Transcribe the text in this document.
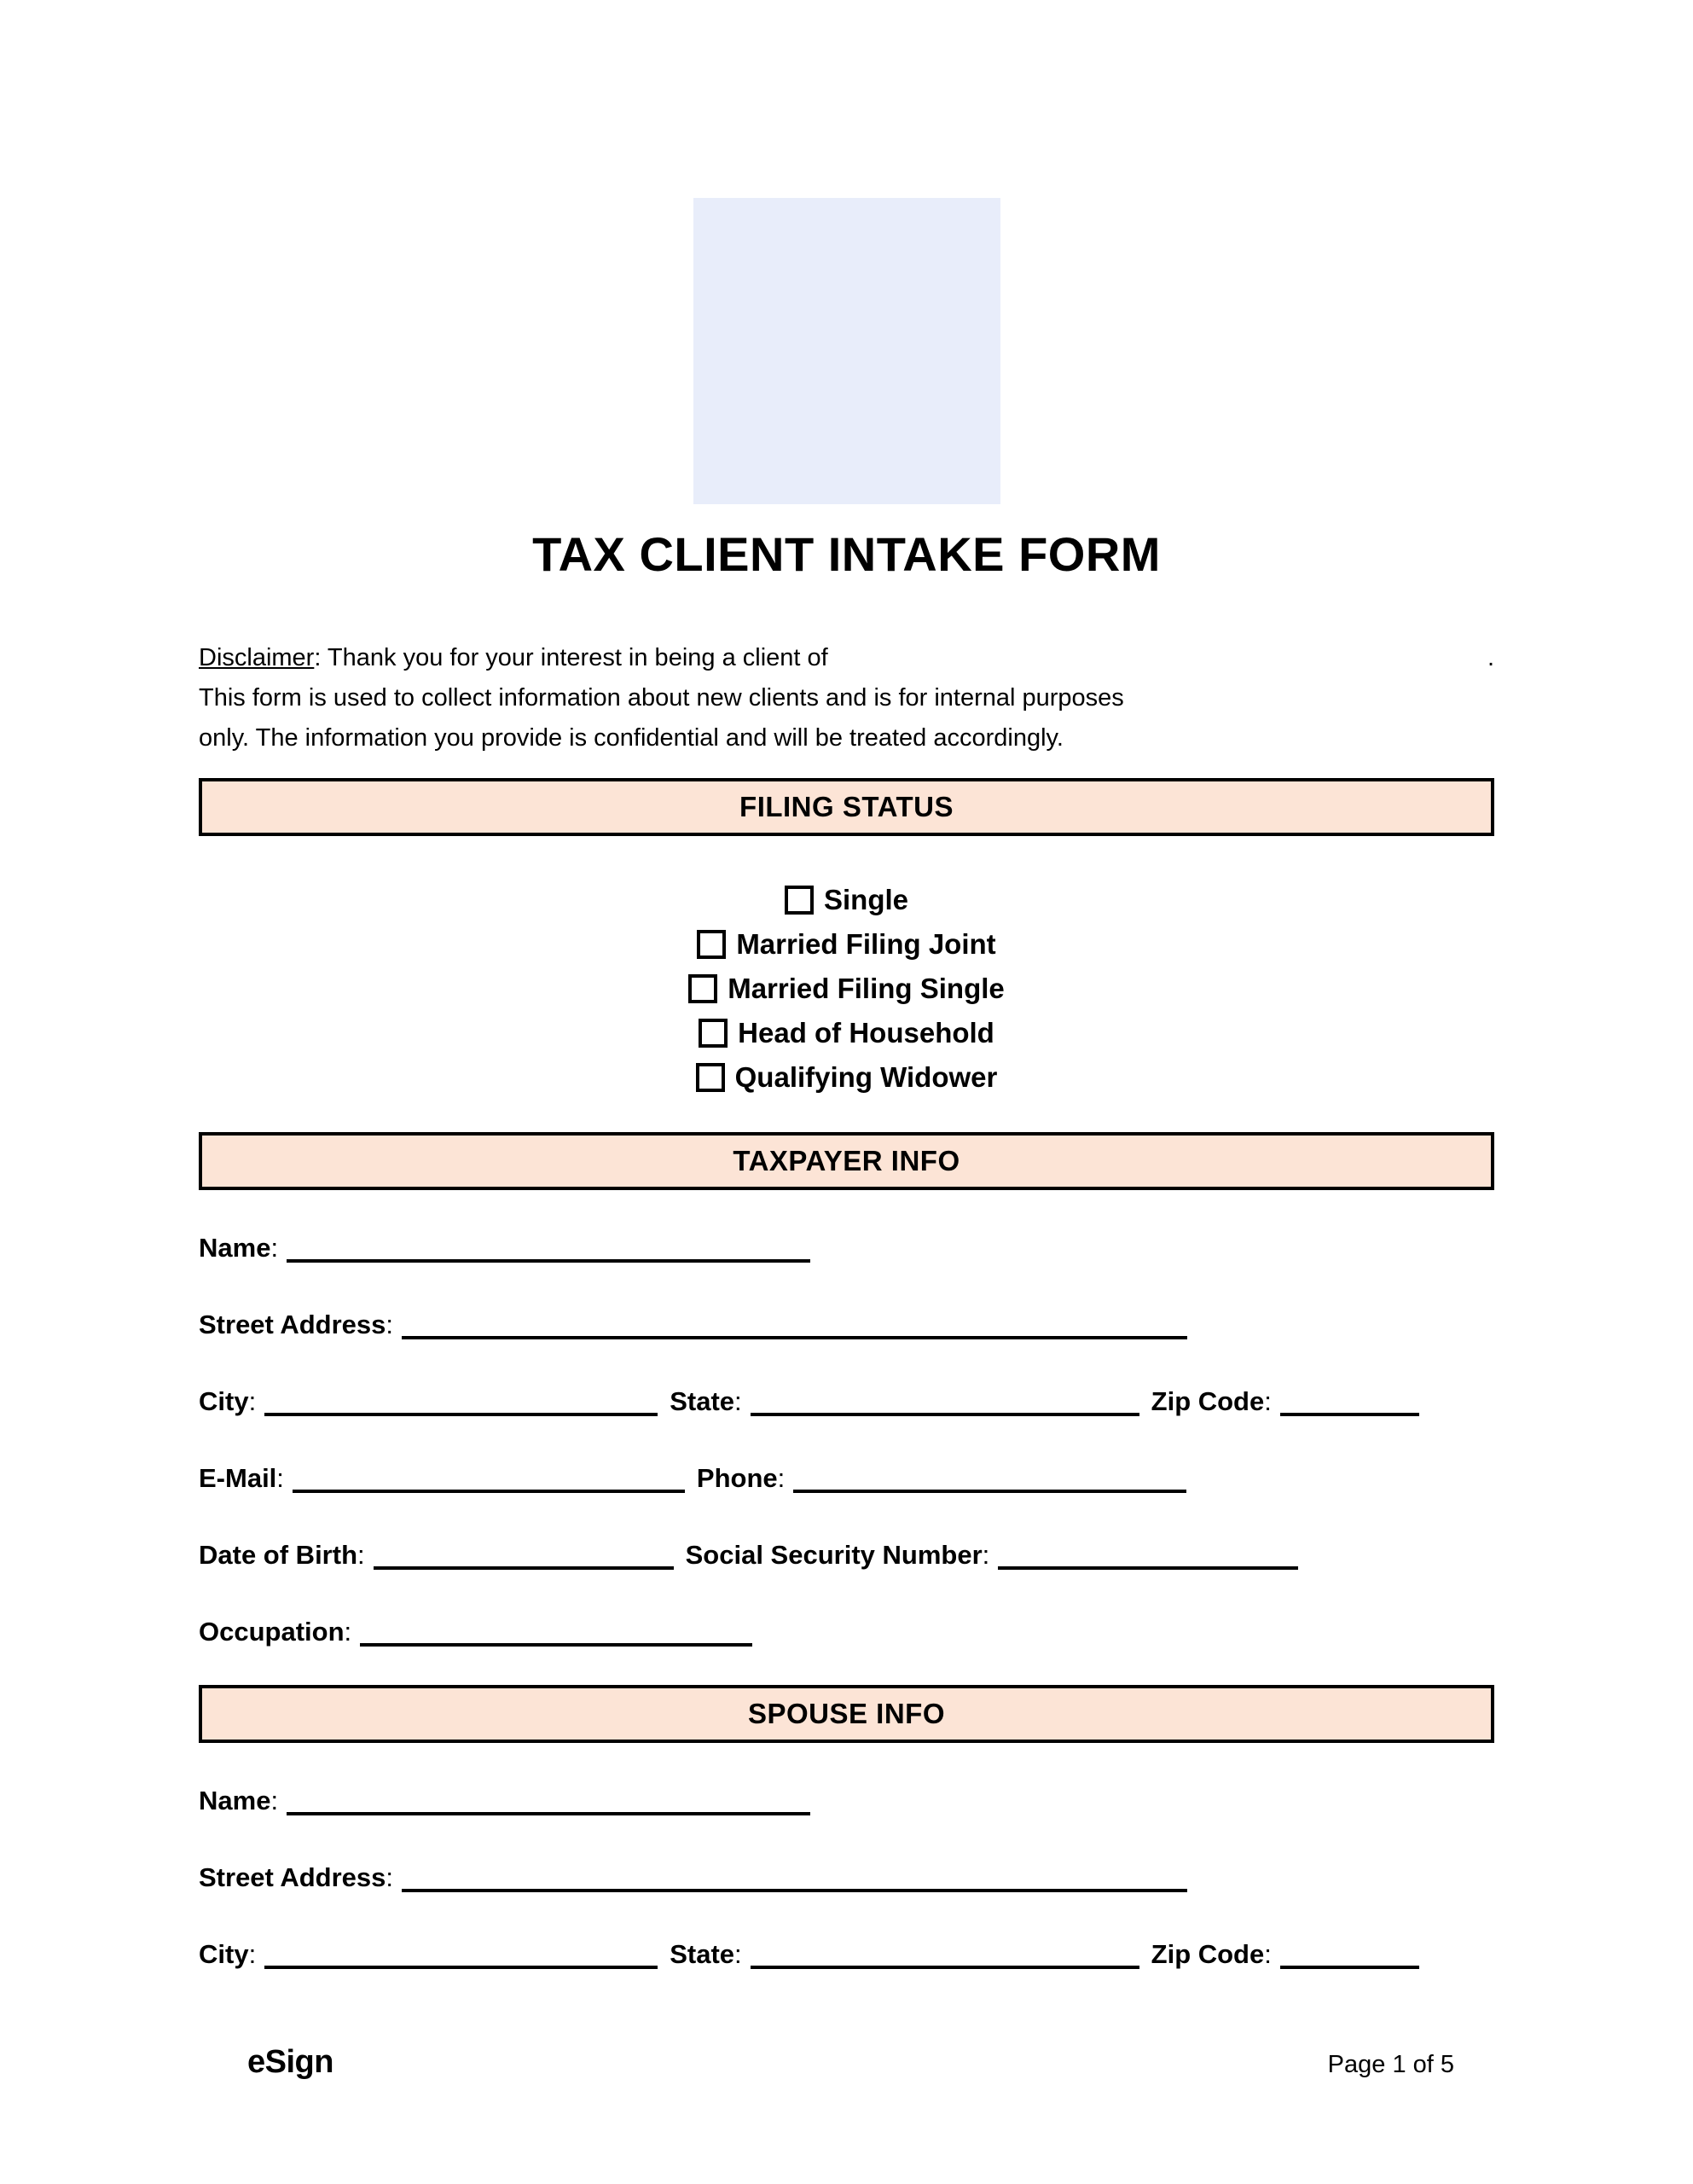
TAX CLIENT INTAKE FORM
Disclaimer: Thank you for your interest in being a client of	.
This form is used to collect information about new clients and is for internal purposes
only. The information you provide is confidential and will be treated accordingly.
FILING STATUS
Single
Married Filing Joint
Married Filing Single
Head of Household
Qualifying Widower
TAXPAYER INFO
Name:
Street Address:
City:	State:	Zip Code:
E-Mail:	Phone:
Date of Birth:	Social Security Number:
Occupation:
SPOUSE INFO
Name:
Street Address:
City:	State:	Zip Code:
eSign	Page 1 of 5
